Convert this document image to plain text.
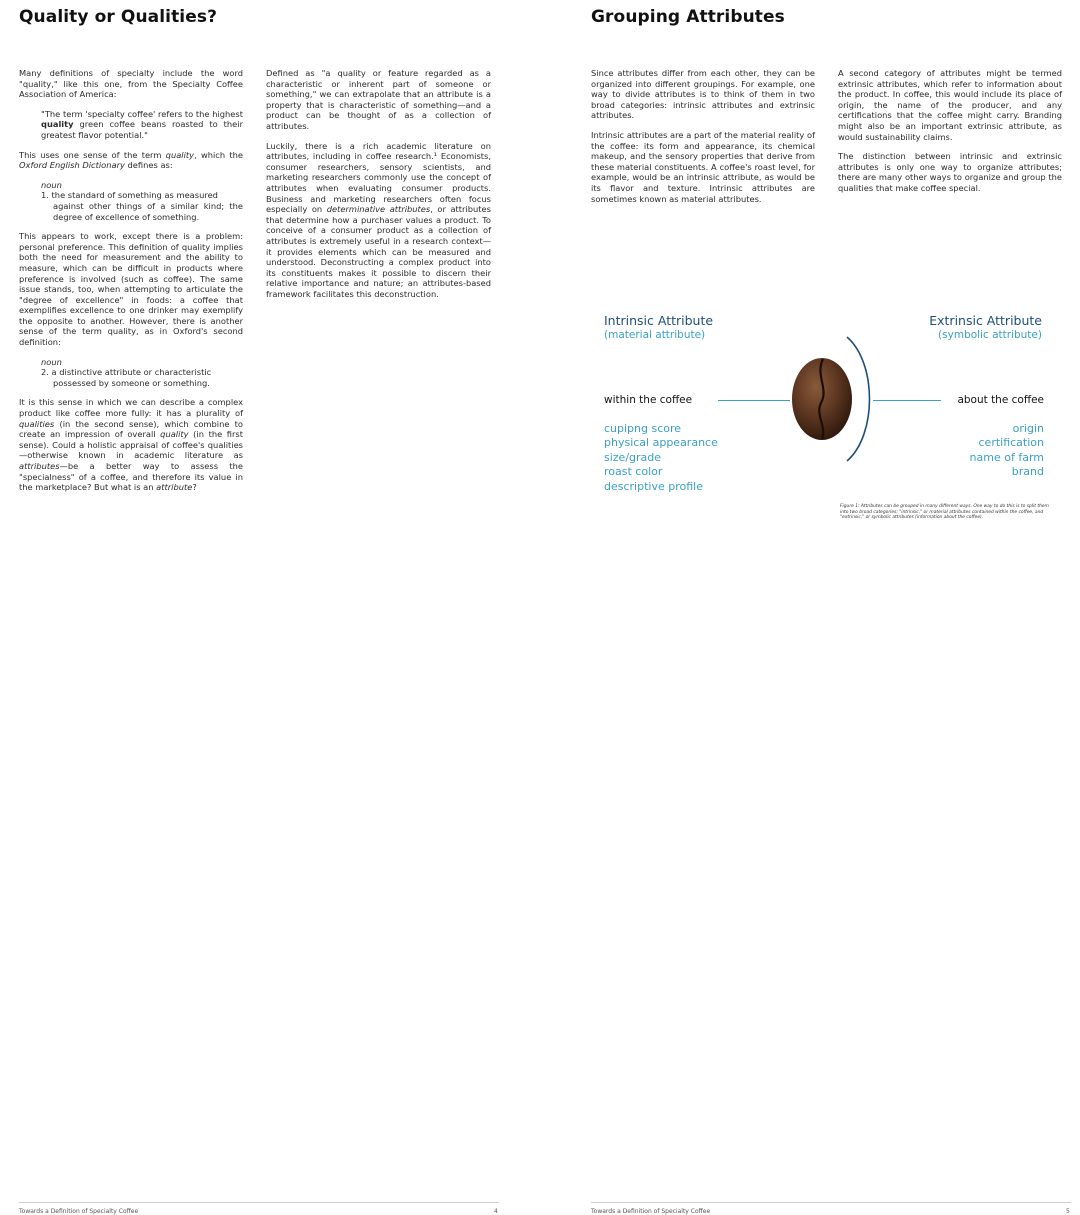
Quality or Qualities?

Many definitions of specialty include the word "quality," like this one, from the Specialty Coffee Association of America:

"The term 'specialty coffee' refers to the highest quality green coffee beans roasted to their greatest flavor potential."

This uses one sense of the term quality, which the Oxford English Dictionary defines as:

noun
1. the standard of something as measured
against other things of a similar kind; the degree of excellence of something.

This appears to work, except there is a problem: personal preference. This definition of quality implies both the need for measurement and the ability to measure, which can be difficult in products where preference is involved (such as coffee). The same issue stands, too, when attempting to articulate the "degree of excellence" in foods: a coffee that exemplifies excellence to one drinker may exemplify the opposite to another. However, there is another sense of the term quality, as in Oxford's second definition:

noun
2. a distinctive attribute or characteristic
possessed by someone or something.

It is this sense in which we can describe a complex product like coffee more fully: it has a plurality of qualities (in the second sense), which combine to create an impression of overall quality (in the first sense). Could a holistic appraisal of coffee's qualities—otherwise known in academic literature as attributes—be a better way to assess the "specialness" of a coffee, and therefore its value in the marketplace? But what is an attribute?

Defined as "a quality or feature regarded as a characteristic or inherent part of someone or something," we can extrapolate that an attribute is a property that is characteristic of something—and a product can be thought of as a collection of attributes.

Luckily, there is a rich academic literature on attributes, including in coffee research.¹ Economists, consumer researchers, sensory scientists, and marketing researchers commonly use the concept of attributes when evaluating consumer products. Business and marketing researchers often focus especially on determinative attributes, or attributes that determine how a purchaser values a product. To conceive of a consumer product as a collection of attributes is extremely useful in a research context—it provides elements which can be measured and understood. Deconstructing a complex product into its constituents makes it possible to discern their relative importance and nature; an attributes-based framework facilitates this deconstruction.

Towards a Definition of Specialty Coffee	4
Grouping Attributes

Since attributes differ from each other, they can be organized into different groupings. For example, one way to divide attributes is to think of them in two broad categories: intrinsic attributes and extrinsic attributes.

Intrinsic attributes are a part of the material reality of the coffee: its form and appearance, its chemical makeup, and the sensory properties that derive from these material constituents. A coffee's roast level, for example, would be an intrinsic attribute, as would be its flavor and texture. Intrinsic attributes are sometimes known as material attributes.

A second category of attributes might be termed extrinsic attributes, which refer to information about the product. In coffee, this would include its place of origin, the name of the producer, and any certifications that the coffee might carry. Branding might also be an important extrinsic attribute, as would sustainability claims.

The distinction between intrinsic and extrinsic attributes is only one way to organize attributes; there are many other ways to organize and group the qualities that make coffee special.

Intrinsic Attribute
(material attribute)
Extrinsic Attribute
(symbolic attribute)
within the coffee	about the coffee
cupipng score
physical appearance
size/grade
roast color
descriptive profile
origin
certification
name of farm
brand
Figure 1: Attributes can be grouped in many different ways. One way to do this is to split them into two broad categories: "intrinsic," or material attributes contained within the coffee, and "extrinsic," or symbolic attributes (information about the coffee).
Towards a Definition of Specialty Coffee	5
